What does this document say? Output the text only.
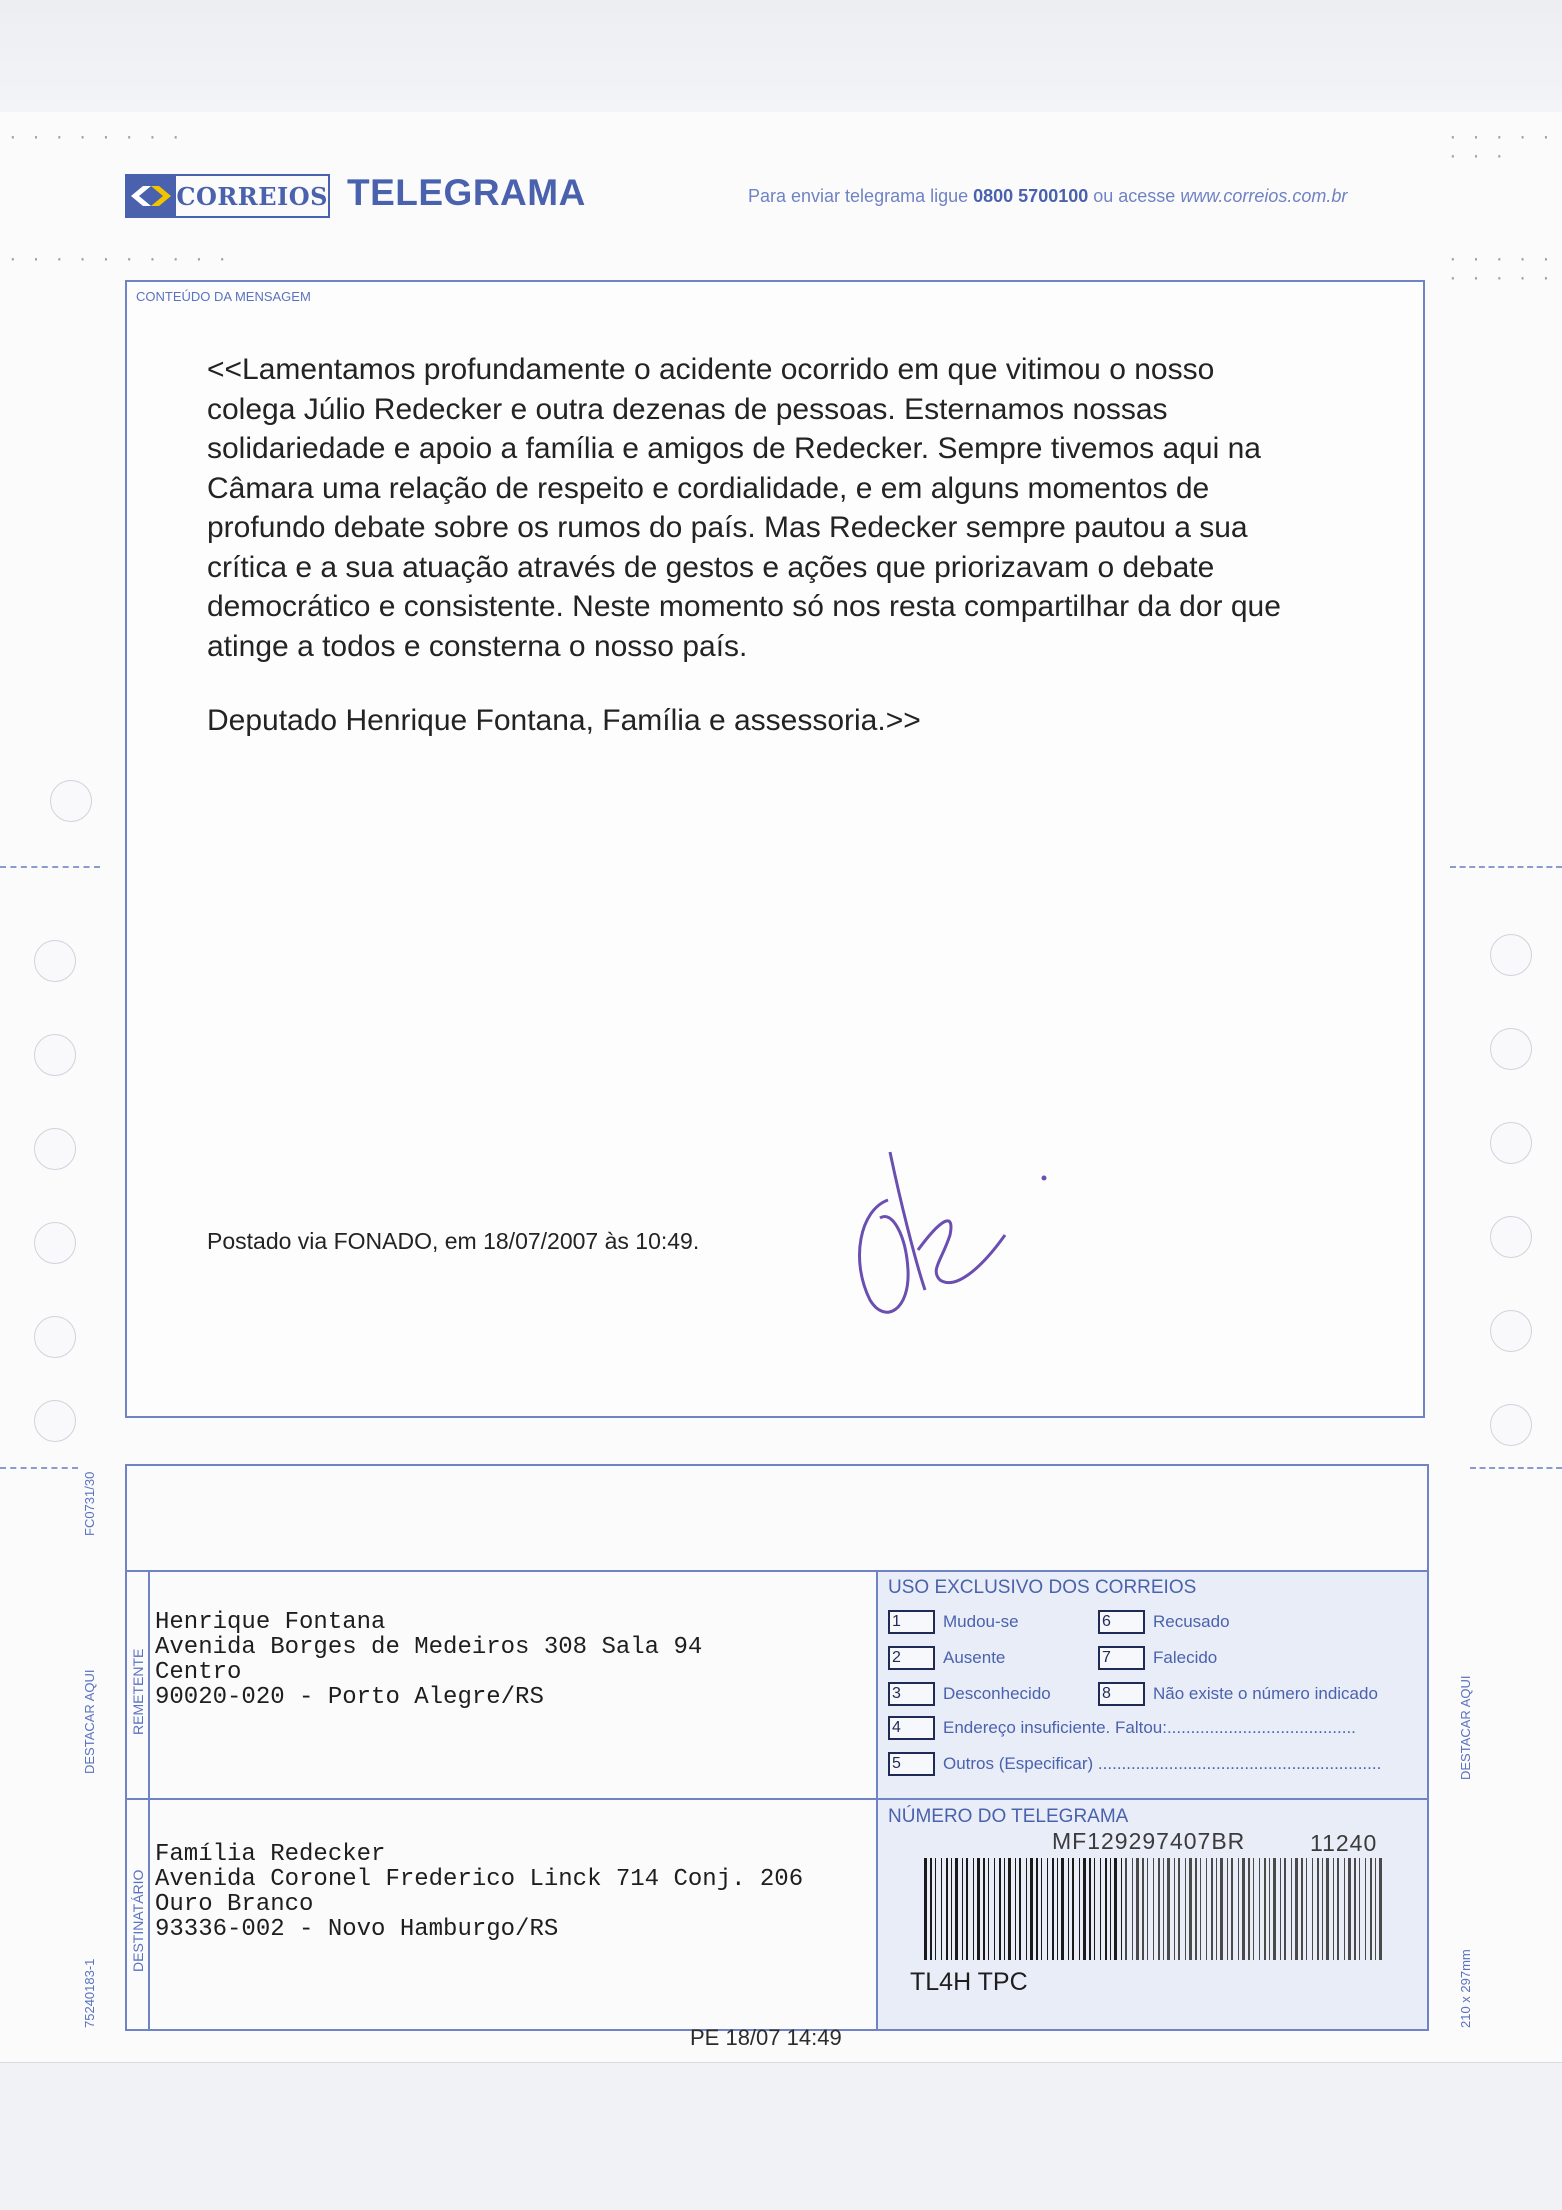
· · · · · · · ·	· · · · · · · ·
· · · · · · · · · ·	· · · · · · · · · ·
CORREIOS TELEGRAMA	Para enviar telegrama ligue 0800 5700100 ou acesse www.correios.com.br
CONTEÚDO DA MENSAGEM
<<Lamentamos profundamente o acidente ocorrido em que vitimou o nosso
colega Júlio Redecker e outra dezenas de pessoas. Esternamos nossas
solidariedade e apoio a família e amigos de Redecker. Sempre tivemos aqui na
Câmara uma relação de respeito e cordialidade, e em alguns momentos de
profundo debate sobre os rumos do país. Mas Redecker sempre pautou a sua
crítica e a sua atuação através de gestos e ações que priorizavam o debate
democrático e consistente. Neste momento só nos resta compartilhar da dor que
atinge a todos e consterna o nosso país.
Deputado Henrique Fontana, Família e assessoria.>>
Postado via FONADO, em 18/07/2007 às 10:49.
REMETENTE
Henrique Fontana
Avenida Borges de Medeiros 308 Sala 94
Centro
90020-020 - Porto Alegre/RS
DESTINATÁRIO
Família Redecker
Avenida Coronel Frederico Linck 714 Conj. 206
Ouro Branco
93336-002 - Novo Hamburgo/RS
USO EXCLUSIVO DOS CORREIOS
1	Mudou-se	6	Recusado
2	Ausente	7	Falecido
3	Desconhecido	8	Não existe o número indicado
4	Endereço insuficiente. Faltou:........................................
5	Outros (Especificar) ............................................................
NÚMERO DO TELEGRAMA
MF129297407BR	11240
TL4H TPC
PE 18/07 14:49
FC0731/30
DESTACAR AQUI
75240183-1
DESTACAR AQUI
210 x 297mm
